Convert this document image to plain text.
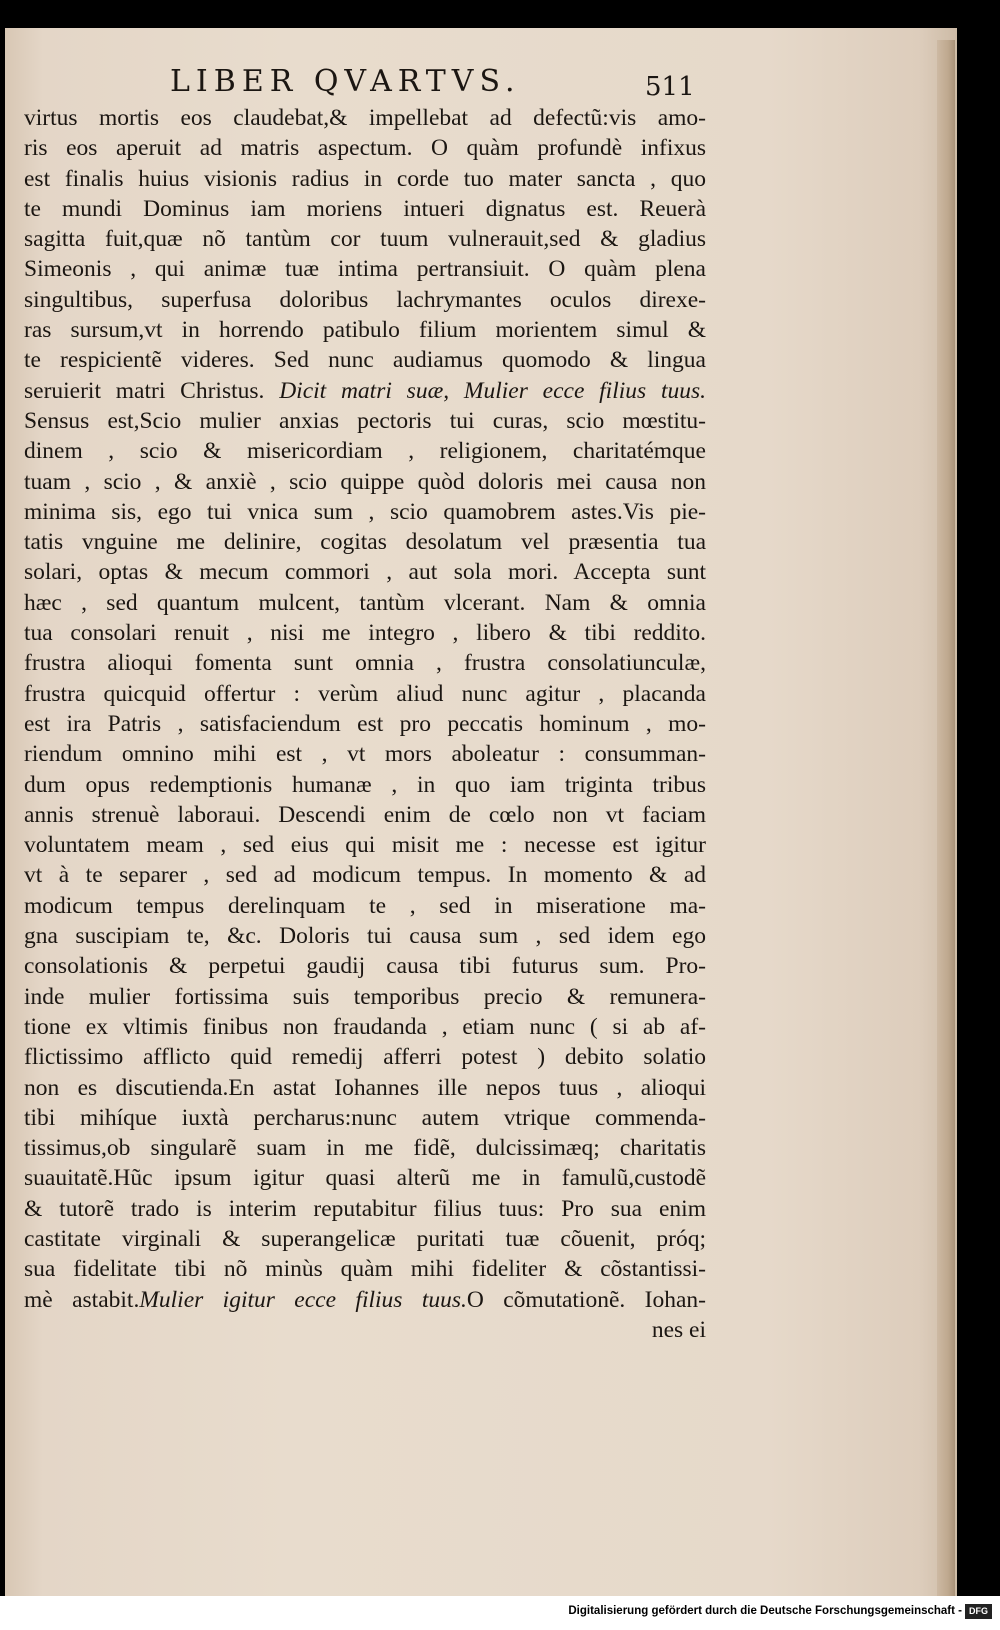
LIBER QVARTVS.	511
virtus mortis eos claudebat,& impellebat ad defectũ:vis amo-
ris eos aperuit ad matris aspectum. O quàm profundè infixus
est finalis huius visionis radius in corde tuo mater sancta , quo
te mundi Dominus iam moriens intueri dignatus est. Reuerà
sagitta fuit,quæ nõ tantùm cor tuum vulnerauit,sed & gladius
Simeonis , qui animæ tuæ intima pertransiuit. O quàm plena
singultibus, superfusa doloribus lachrymantes oculos direxe-
ras sursum,vt in horrendo patibulo filium morientem simul &
te respicientẽ videres. Sed nunc audiamus quomodo & lingua
seruierit matri Christus. Dicit matri suæ, Mulier ecce filius tuus.
Sensus est,Scio mulier anxias pectoris tui curas, scio mœstitu-
dinem , scio & misericordiam , religionem, charitatémque
tuam , scio , & anxiè , scio quippe quòd doloris mei causa non
minima sis, ego tui vnica sum , scio quamobrem astes.Vis pie-
tatis vnguine me delinire, cogitas desolatum vel præsentia tua
solari, optas & mecum commori , aut sola mori. Accepta sunt
hæc , sed quantum mulcent, tantùm vlcerant. Nam & omnia
tua consolari renuit , nisi me integro , libero & tibi reddito.
frustra alioqui fomenta sunt omnia , frustra consolatiunculæ,
frustra quicquid offertur : verùm aliud nunc agitur , placanda
est ira Patris , satisfaciendum est pro peccatis hominum , mo-
riendum omnino mihi est , vt mors aboleatur : consumman-
dum opus redemptionis humanæ , in quo iam triginta tribus
annis strenuè laboraui. Descendi enim de cœlo non vt faciam
voluntatem meam , sed eius qui misit me : necesse est igitur
vt à te separer , sed ad modicum tempus. In momento & ad
modicum tempus derelinquam te , sed in miseratione ma-
gna suscipiam te, &c. Doloris tui causa sum , sed idem ego
consolationis & perpetui gaudij causa tibi futurus sum. Pro-
inde mulier fortissima suis temporibus precio & remunera-
tione ex vltimis finibus non fraudanda , etiam nunc ( si ab af-
flictissimo afflicto quid remedij afferri potest ) debito solatio
non es discutienda.En astat Iohannes ille nepos tuus , alioqui
tibi mihíque iuxtà percharus:nunc autem vtrique commenda-
tissimus,ob singularẽ suam in me fidẽ, dulcissimæq; charitatis
suauitatẽ.Hũc ipsum igitur quasi alterũ me in famulũ,custodẽ
& tutorẽ trado is interim reputabitur filius tuus: Pro sua enim
castitate virginali & superangelicæ puritati tuæ cõuenit, próq;
sua fidelitate tibi nõ minùs quàm mihi fideliter & cõstantissi-
mè astabit.Mulier igitur ecce filius tuus.O cõmutationẽ. Iohan-
nes ei
Digitalisierung gefördert durch die Deutsche Forschungsgemeinschaft - DFG
